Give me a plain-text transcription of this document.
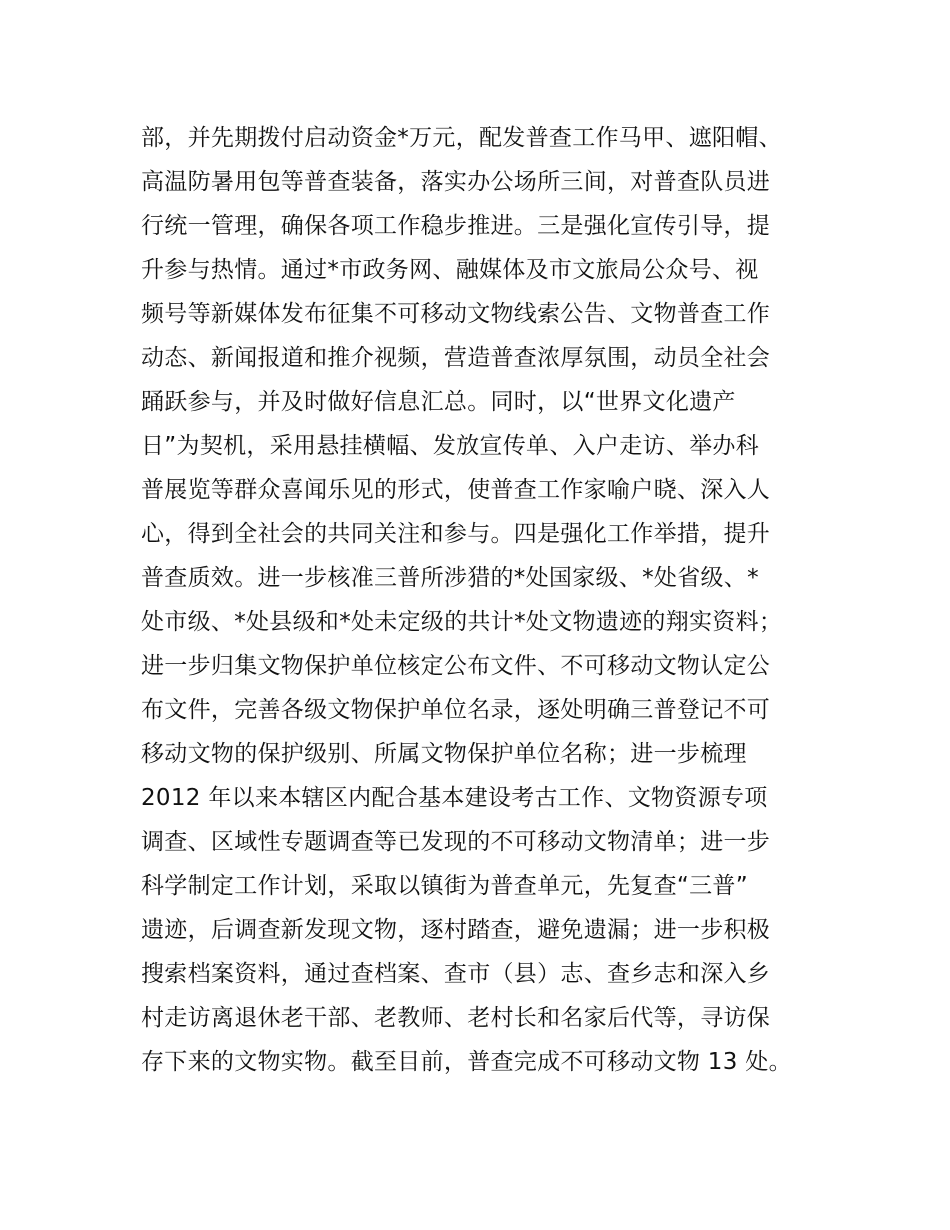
部，并先期拨付启动资金*万元，配发普查工作马甲、遮阳帽、
高温防暑用包等普查装备，落实办公场所三间，对普查队员进
行统一管理，确保各项工作稳步推进。三是强化宣传引导，提
升参与热情。通过*市政务网、融媒体及市文旅局公众号、视
频号等新媒体发布征集不可移动文物线索公告、文物普查工作
动态、新闻报道和推介视频，营造普查浓厚氛围，动员全社会
踊跃参与，并及时做好信息汇总。同时，以“世界文化遗产
日”为契机，采用悬挂横幅、发放宣传单、入户走访、举办科
普展览等群众喜闻乐见的形式，使普查工作家喻户晓、深入人
心，得到全社会的共同关注和参与。四是强化工作举措，提升
普查质效。进一步核准三普所涉猎的*处国家级、*处省级、*
处市级、*处县级和*处未定级的共计*处文物遗迹的翔实资料；
进一步归集文物保护单位核定公布文件、不可移动文物认定公
布文件，完善各级文物保护单位名录，逐处明确三普登记不可
移动文物的保护级别、所属文物保护单位名称；进一步梳理
2012 年以来本辖区内配合基本建设考古工作、文物资源专项
调查、区域性专题调查等已发现的不可移动文物清单；进一步
科学制定工作计划，采取以镇街为普查单元，先复查“三普”
遗迹，后调查新发现文物，逐村踏查，避免遗漏；进一步积极
搜索档案资料，通过查档案、查市（县）志、查乡志和深入乡
村走访离退休老干部、老教师、老村长和名家后代等，寻访保
存下来的文物实物。截至目前，普查完成不可移动文物 13 处。
